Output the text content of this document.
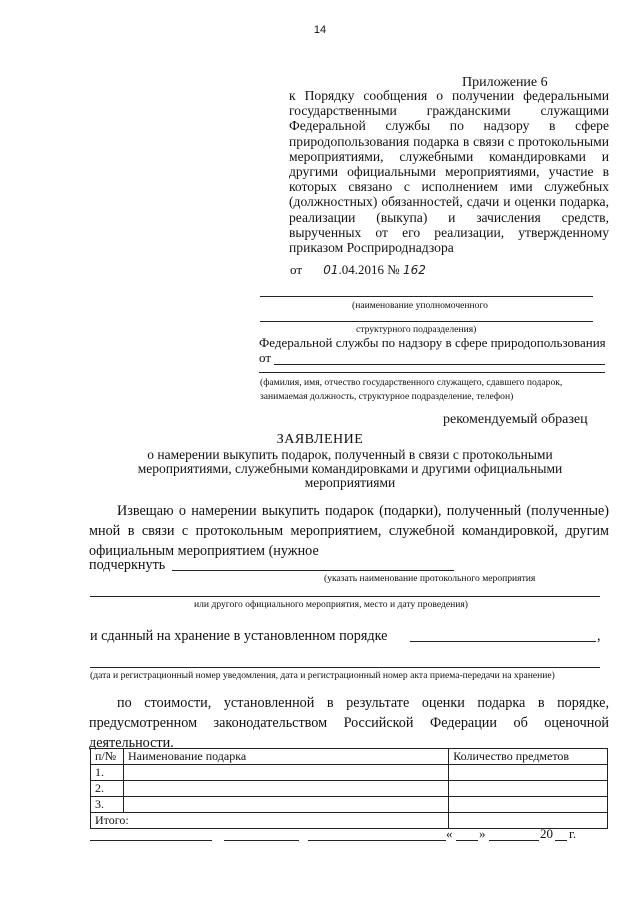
14
Приложение 6

к Порядку сообщения о получении федеральными государственными гражданскими служащими Федеральной службы по надзору в сфере природопользования подарка в связи с протокольными мероприятиями, служебными командировками и другими официальными мероприятиями, участие в которых связано с исполнением ими служебных (должностных) обязанностей, сдачи и оценки подарка, реализации (выкупа) и зачисления средств, вырученных от его реализации, утвержденному приказом Росприроднадзора

от 01.04.2016 № 162
(наименование уполномоченного
структурного подразделения)
Федеральной службы по надзору в сфере природопользования
от
(фамилия, имя, отчество государственного служащего, сдавшего подарок,
занимаемая должность, структурное подразделение, телефон)
рекомендуемый образец
ЗАЯВЛЕНИЕ
о намерении выкупить подарок, полученный в связи с протокольными мероприятиями, служебными командировками и другими официальными мероприятиями
Извещаю о намерении выкупить подарок (подарки), полученный (полученные) мной в связи с протокольным мероприятием, служебной командировкой, другим официальным мероприятием (нужное
подчеркнуть
(указать наименование протокольного мероприятия
или другого официального мероприятия, место и дату проведения)
и сданный на хранение в установленном порядке	,
(дата и регистрационный номер уведомления, дата и регистрационный номер акта приема-передачи на хранение)
по стоимости, установленной в результате оценки подарка в порядке, предусмотренном законодательством Российской Федерации об оценочной деятельности.
п/№	Наименование подарка	Количество предметов
1.		
2.		
3.		
Итого:		
« »	20 г.
